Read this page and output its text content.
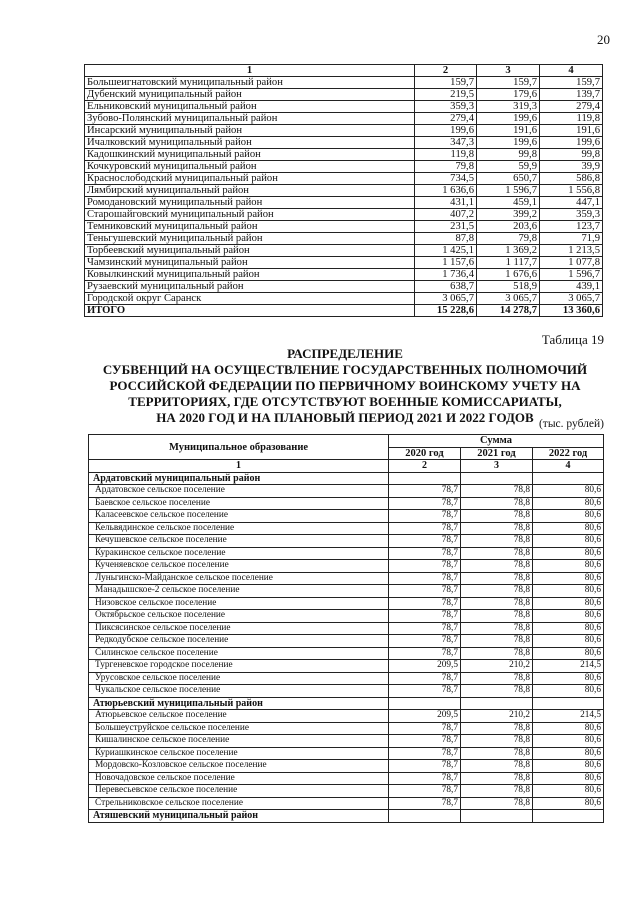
20
1	2	3	4
Большеигнатовский муниципальный район	159,7	159,7	159,7
Дубенский муниципальный район	219,5	179,6	139,7
Ельниковский муниципальный район	359,3	319,3	279,4
Зубово-Полянский муниципальный район	279,4	199,6	119,8
Инсарский муниципальный район	199,6	191,6	191,6
Ичалковский муниципальный район	347,3	199,6	199,6
Кадошкинский муниципальный район	119,8	99,8	99,8
Кочкуровский муниципальный район	79,8	59,9	39,9
Краснослободский муниципальный район	734,5	650,7	586,8
Лямбирский муниципальный район	1 636,6	1 596,7	1 556,8
Ромодановский муниципальный район	431,1	459,1	447,1
Старошайговский муниципальный район	407,2	399,2	359,3
Темниковский муниципальный район	231,5	203,6	123,7
Теньгушевский муниципальный район	87,8	79,8	71,9
Торбеевский муниципальный район	1 425,1	1 369,2	1 213,5
Чамзинский муниципальный район	1 157,6	1 117,7	1 077,8
Ковылкинский муниципальный район	1 736,4	1 676,6	1 596,7
Рузаевский муниципальный район	638,7	518,9	439,1
Городской округ Саранск	3 065,7	3 065,7	3 065,7
ИТОГО	15 228,6	14 278,7	13 360,6
Таблица 19
РАСПРЕДЕЛЕНИЕ
СУБВЕНЦИЙ НА ОСУЩЕСТВЛЕНИЕ ГОСУДАРСТВЕННЫХ ПОЛНОМОЧИЙ
РОССИЙСКОЙ ФЕДЕРАЦИИ ПО ПЕРВИЧНОМУ ВОИНСКОМУ УЧЕТУ НА
ТЕРРИТОРИЯХ, ГДЕ ОТСУТСТВУЮТ ВОЕННЫЕ КОМИССАРИАТЫ,
НА 2020 ГОД И НА ПЛАНОВЫЙ ПЕРИОД 2021 И 2022 ГОДОВ (тыс. рублей)
Муниципальное образование	Сумма		
	2020 год	2021 год	2022 год
1	2	3	4
Ардатовский муниципальный район			
Ардатовское сельское поселение	78,7	78,8	80,6
Баевское сельское поселение	78,7	78,8	80,6
Каласеевское сельское поселение	78,7	78,8	80,6
Кельвядинское сельское поселение	78,7	78,8	80,6
Кечушевское сельское поселение	78,7	78,8	80,6
Куракинское сельское поселение	78,7	78,8	80,6
Кученяевское сельское поселение	78,7	78,8	80,6
Луньгинско-Майданское сельское поселение	78,7	78,8	80,6
Манадышское-2 сельское поселение	78,7	78,8	80,6
Низовское сельское поселение	78,7	78,8	80,6
Октябрьское сельское поселение	78,7	78,8	80,6
Пиксясинское сельское поселение	78,7	78,8	80,6
Редкодубское сельское поселение	78,7	78,8	80,6
Силинское сельское поселение	78,7	78,8	80,6
Тургеневское городское поселение	209,5	210,2	214,5
Урусовское сельское поселение	78,7	78,8	80,6
Чукальское сельское поселение	78,7	78,8	80,6
Атюрьевский муниципальный район			
Атюрьевское сельское поселение	209,5	210,2	214,5
Большеуструйское сельское поселение	78,7	78,8	80,6
Кишалинское сельское поселение	78,7	78,8	80,6
Куриашкинское сельское поселение	78,7	78,8	80,6
Мордовско-Козловское сельское поселение	78,7	78,8	80,6
Новочадовское сельское поселение	78,7	78,8	80,6
Перевесьевское сельское поселение	78,7	78,8	80,6
Стрельниковское сельское поселение	78,7	78,8	80,6
Атяшевский муниципальный район			
